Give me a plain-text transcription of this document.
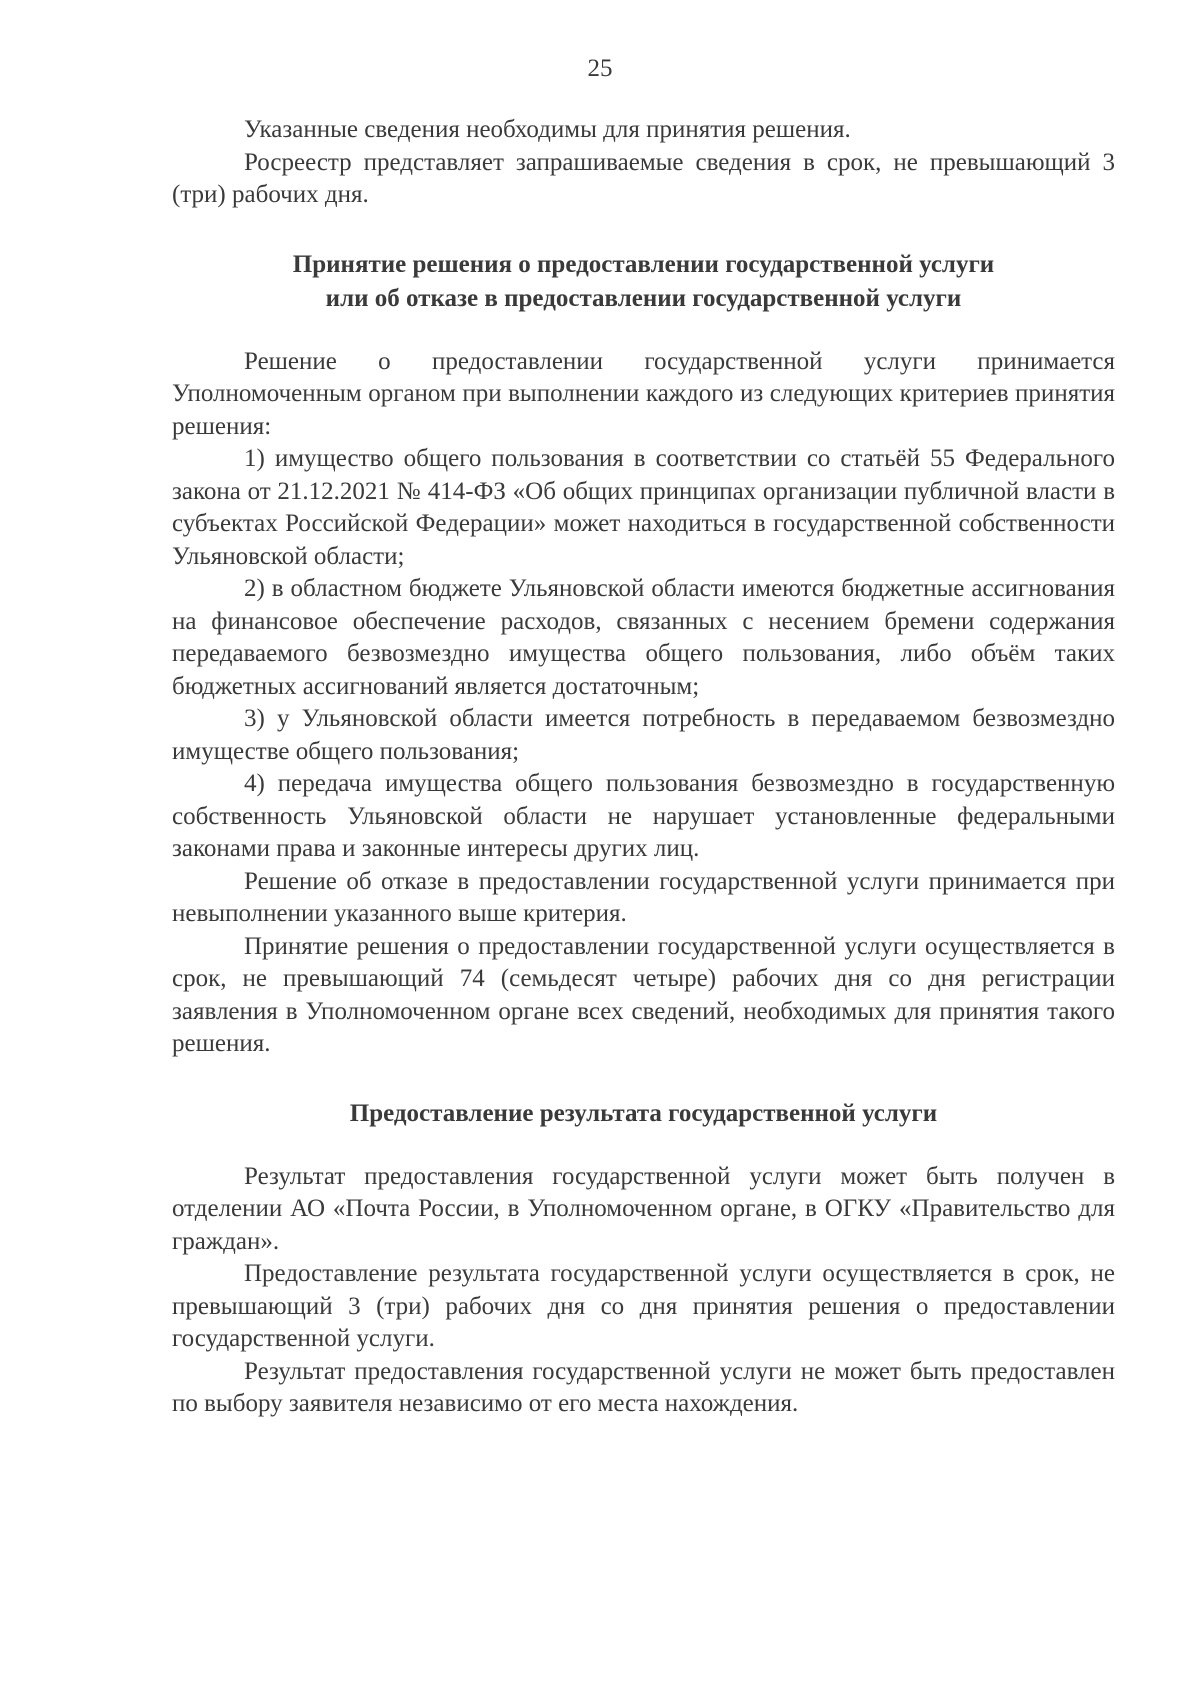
25

Указанные сведения необходимы для принятия решения.

Росреестр представляет запрашиваемые сведения в срок, не превышающий 3 (три) рабочих дня.

Принятие решения о предоставлении государственной услуги
или об отказе в предоставлении государственной услуги

Решение о предоставлении государственной услуги принимается Уполномоченным органом при выполнении каждого из следующих критериев принятия решения:

1) имущество общего пользования в соответствии со статьёй 55 Федерального закона от 21.12.2021 № 414-ФЗ «Об общих принципах организации публичной власти в субъектах Российской Федерации» может находиться в государственной собственности Ульяновской области;

2) в областном бюджете Ульяновской области имеются бюджетные ассигнования на финансовое обеспечение расходов, связанных с несением бремени содержания передаваемого безвозмездно имущества общего пользования, либо объём таких бюджетных ассигнований является достаточным;

3) у Ульяновской области имеется потребность в передаваемом безвозмездно имуществе общего пользования;

4) передача имущества общего пользования безвозмездно в государственную собственность Ульяновской области не нарушает установленные федеральными законами права и законные интересы других лиц.

Решение об отказе в предоставлении государственной услуги принимается при невыполнении указанного выше критерия.

Принятие решения о предоставлении государственной услуги осуществляется в срок, не превышающий 74 (семьдесят четыре) рабочих дня со дня регистрации заявления в Уполномоченном органе всех сведений, необходимых для принятия такого решения.

Предоставление результата государственной услуги

Результат предоставления государственной услуги может быть получен в отделении АО «Почта России, в Уполномоченном органе, в ОГКУ «Правительство для граждан».

Предоставление результата государственной услуги осуществляется в срок, не превышающий 3 (три) рабочих дня со дня принятия решения о предоставлении государственной услуги.

Результат предоставления государственной услуги не может быть предоставлен по выбору заявителя независимо от его места нахождения.
